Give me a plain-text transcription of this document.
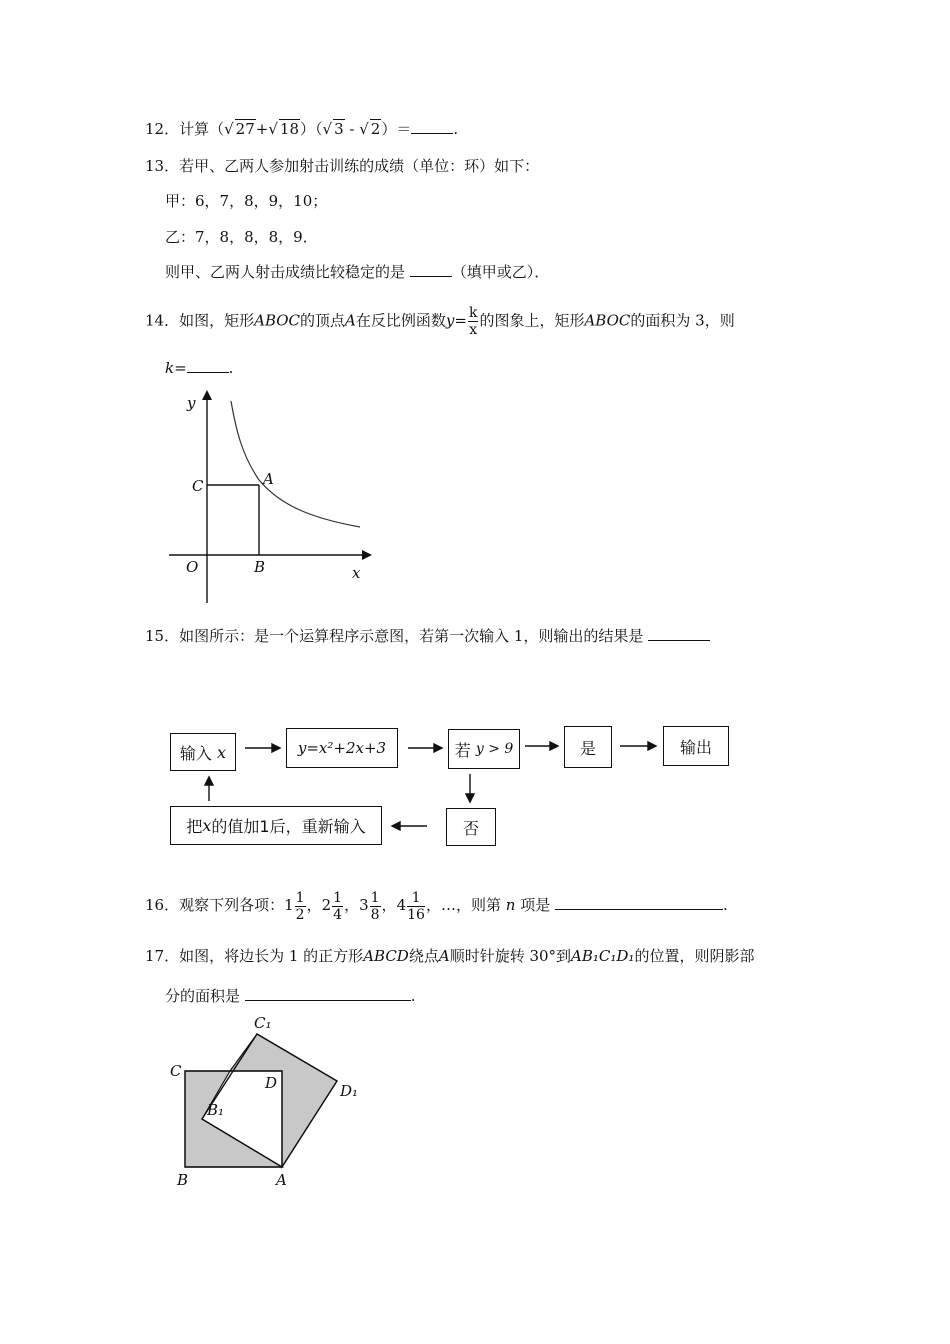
12．计算（√ 27+√ 18）（√ 3 - √ 2）＝	.
13．若甲、乙两人参加射击训练的成绩（单位：环）如下：
甲：6，7，8，9，10；
乙：7，8，8，8，9．
则甲、乙两人射击成绩比较稳定的是	（填甲或乙）．
14．如图，矩形ABOC的顶点A在反比例函数$y= \frac{k}{x}$ 的图象上，矩形ABOC的面积为 3，则
k=	.
y
x
C	A
O	B
15．如图所示：是一个运算程序示意图，若第一次输入 1，则输出的结果是
输入
x	y=x²+2x+3	若
y > 9	是	输出
否
把 x 的值加1后，重新输入
16．观察下列各项：$1 \frac{1}{2}$ ，$2 \frac{1}{4}$ ，$3 \frac{1}{8}$ ，$4 \frac{1}{16}$ ，…，则第 n 项是	.
17．如图，将边长为 1 的正方形ABCD绕点A顺时针旋转 30°到AB₁C₁D₁的位置，则阴影部
分的面积是	.
C₁
C
D	D₁
B₁
B	A
